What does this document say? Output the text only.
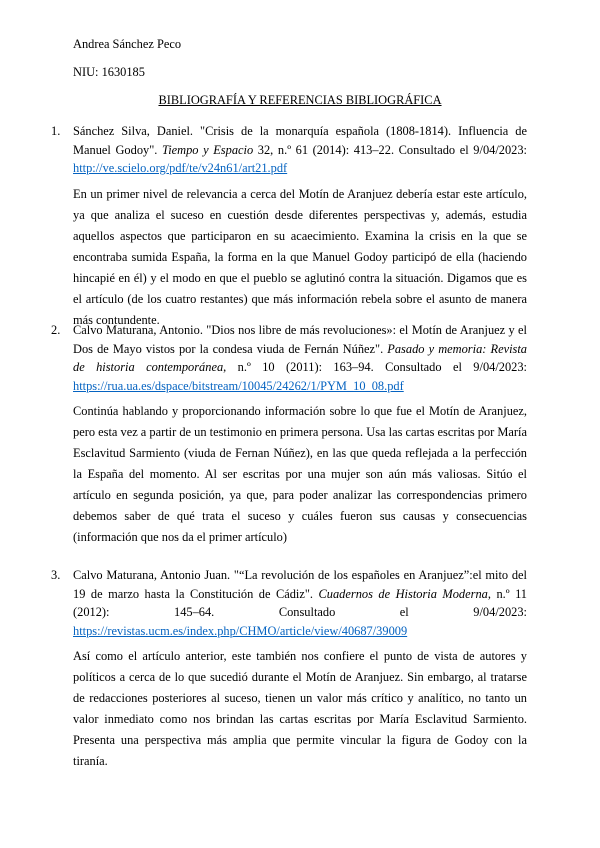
Andrea Sánchez Peco
NIU: 1630185
BIBLIOGRAFÍA Y REFERENCIAS BIBLIOGRÁFICA
1. Sánchez Silva, Daniel. "Crisis de la monarquía española (1808-1814). Influencia de Manuel Godoy". Tiempo y Espacio 32, n.º 61 (2014): 413–22. Consultado el 9/04/2023: http://ve.scielo.org/pdf/te/v24n61/art21.pdf
En un primer nivel de relevancia a cerca del Motín de Aranjuez debería estar este artículo, ya que analiza el suceso en cuestión desde diferentes perspectivas y, además, estudia aquellos aspectos que participaron en su acaecimiento. Examina la crisis en la que se encontraba sumida España, la forma en la que Manuel Godoy participó de ella (haciendo hincapié en él) y el modo en que el pueblo se aglutinó contra la situación. Digamos que es el artículo (de los cuatro restantes) que más información rebela sobre el asunto de manera más contundente.
2. Calvo Maturana, Antonio. "Dios nos libre de más revoluciones»: el Motín de Aranjuez y el Dos de Mayo vistos por la condesa viuda de Fernán Núñez". Pasado y memoria: Revista de historia contemporánea, n.º 10 (2011): 163–94. Consultado el 9/04/2023: https://rua.ua.es/dspace/bitstream/10045/24262/1/PYM_10_08.pdf
Continúa hablando y proporcionando información sobre lo que fue el Motín de Aranjuez, pero esta vez a partir de un testimonio en primera persona. Usa las cartas escritas por María Esclavitud Sarmiento (viuda de Fernan Núñez), en las que queda reflejada a la perfección la España del momento. Al ser escritas por una mujer son aún más valiosas. Sitúo el artículo en segunda posición, ya que, para poder analizar las correspondencias primero debemos saber de qué trata el suceso y cuáles fueron sus causas y consecuencias (información que nos da el primer artículo)
3. Calvo Maturana, Antonio Juan. "“La revolución de los españoles en Aranjuez”:el mito del 19 de marzo hasta la Constitución de Cádiz". Cuadernos de Historia Moderna, n.º 11 (2012): 145–64. Consultado el 9/04/2023: https://revistas.ucm.es/index.php/CHMO/article/view/40687/39009
Así como el artículo anterior, este también nos confiere el punto de vista de autores y políticos a cerca de lo que sucedió durante el Motín de Aranjuez. Sin embargo, al tratarse de redacciones posteriores al suceso, tienen un valor más crítico y analítico, no tanto un valor inmediato como nos brindan las cartas escritas por María Esclavitud Sarmiento. Presenta una perspectiva más amplia que permite vincular la figura de Godoy con la tiranía.
